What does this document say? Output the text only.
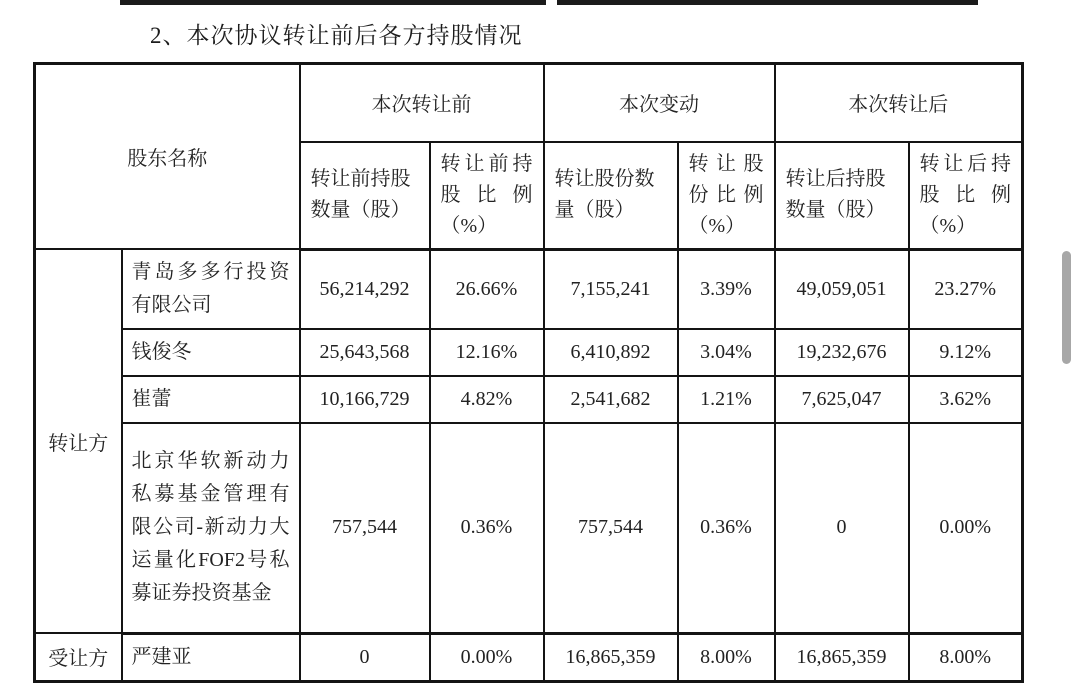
2、本次协议转让前后各方持股情况
股东名称		本次转让前		本次变动		本次转让后	
		转让前持股数量（股）	转让前持股比例（%）	转让股份数量（股）	转让股份比例（%）	转让后持股数量（股）	转让后持股比例（%）
转让方	青岛多多行投资有限公司	56,214,292	26.66%	7,155,241	3.39%	49,059,051	23.27%
	钱俊冬	25,643,568	12.16%	6,410,892	3.04%	19,232,676	9.12%
	崔蕾	10,166,729	4.82%	2,541,682	1.21%	7,625,047	3.62%
	北京华软新动力私募基金管理有限公司-新动力大运量化FOF2号私募证券投资基金	757,544	0.36%	757,544	0.36%	0	0.00%
受让方	严建亚	0	0.00%	16,865,359	8.00%	16,865,359	8.00%
